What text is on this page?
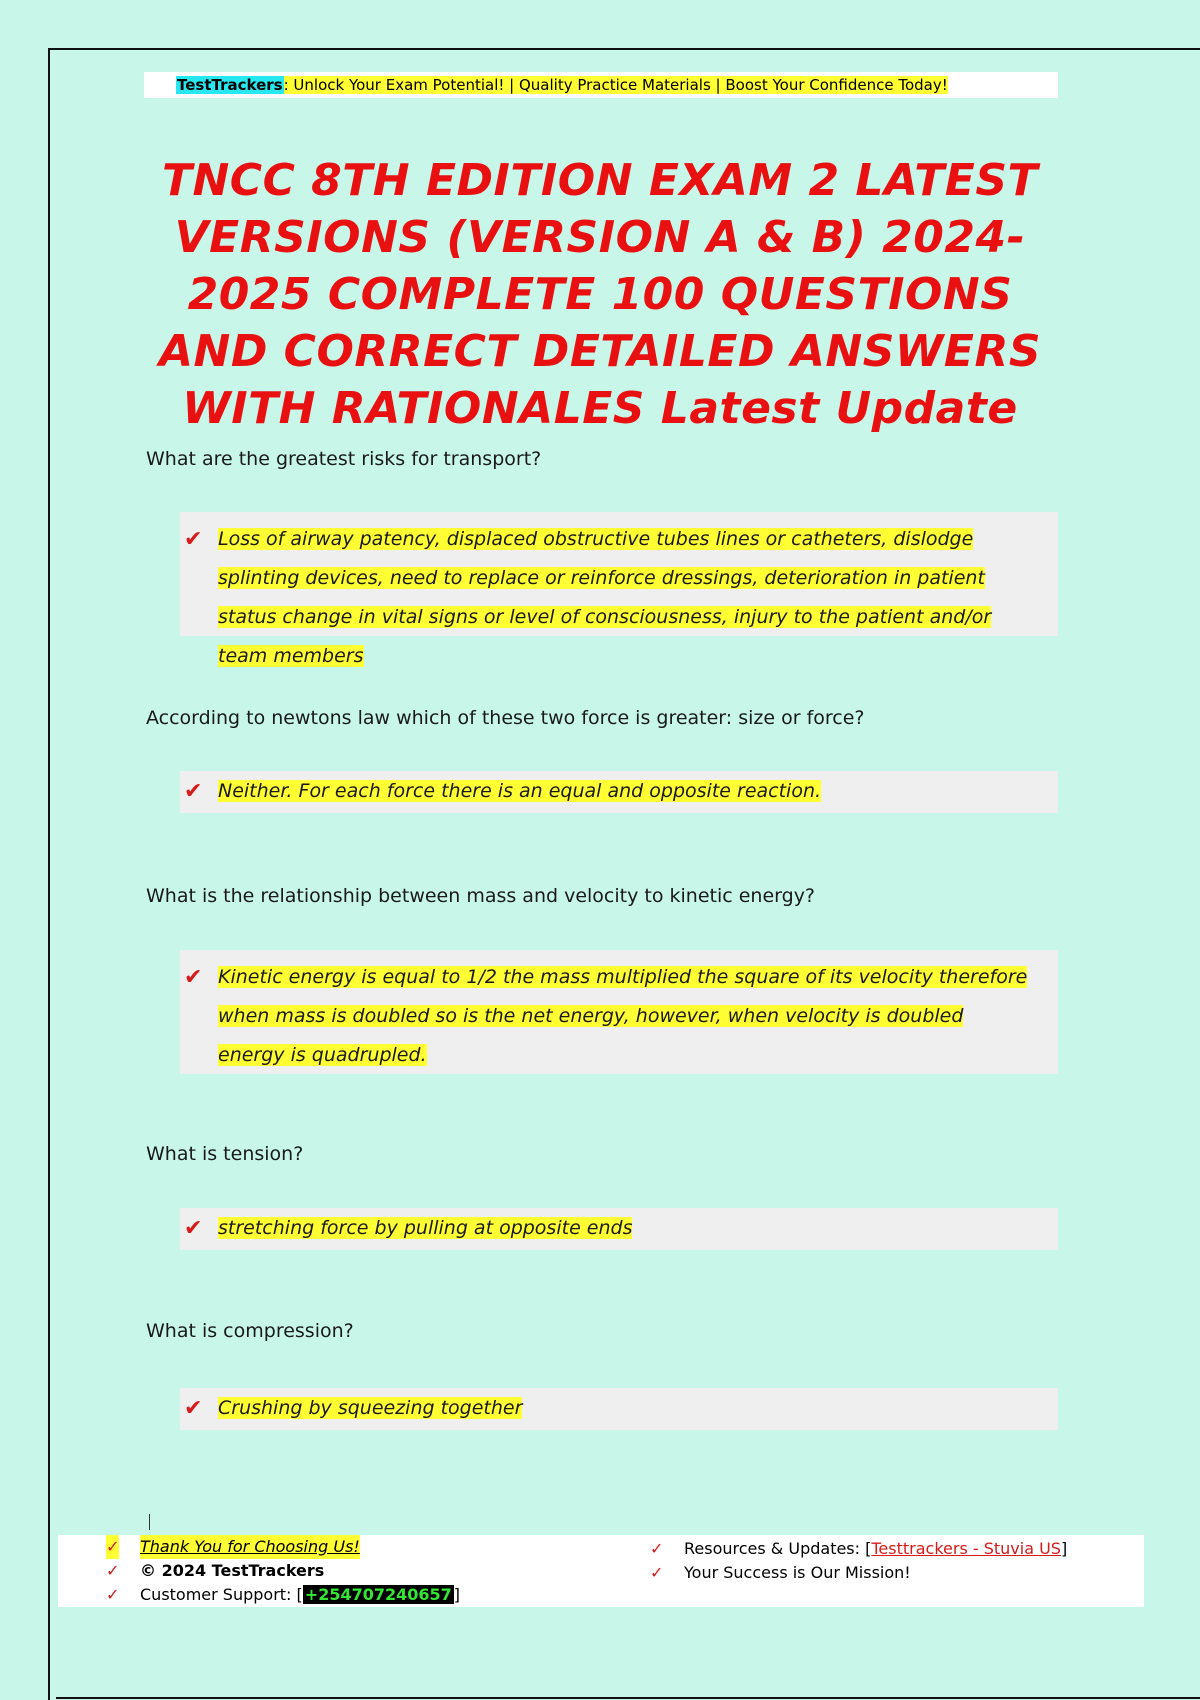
TestTrackers: Unlock Your Exam Potential! | Quality Practice Materials | Boost Your Confidence Today!
TNCC 8TH EDITION EXAM 2 LATEST VERSIONS (VERSION A & B) 2024-2025 COMPLETE 100 QUESTIONS AND CORRECT DETAILED ANSWERS WITH RATIONALES Latest Update
What are the greatest risks for transport?
✔ Loss of airway patency, displaced obstructive tubes lines or catheters, dislodge splinting devices, need to replace or reinforce dressings, deterioration in patient status change in vital signs or level of consciousness, injury to the patient and/or team members
According to newtons law which of these two force is greater: size or force?
✔ Neither. For each force there is an equal and opposite reaction.
What is the relationship between mass and velocity to kinetic energy?
✔ Kinetic energy is equal to 1/2 the mass multiplied the square of its velocity therefore when mass is doubled so is the net energy, however, when velocity is doubled energy is quadrupled.
What is tension?
✔ stretching force by pulling at opposite ends
What is compression?
✔ Crushing by squeezing together
✓ Thank You for Choosing Us!
✓ © 2024 TestTrackers
✓ Customer Support: [ +254707240657 ]
✓ Resources & Updates: [Testtrackers - Stuvia US]
✓ Your Success is Our Mission!
